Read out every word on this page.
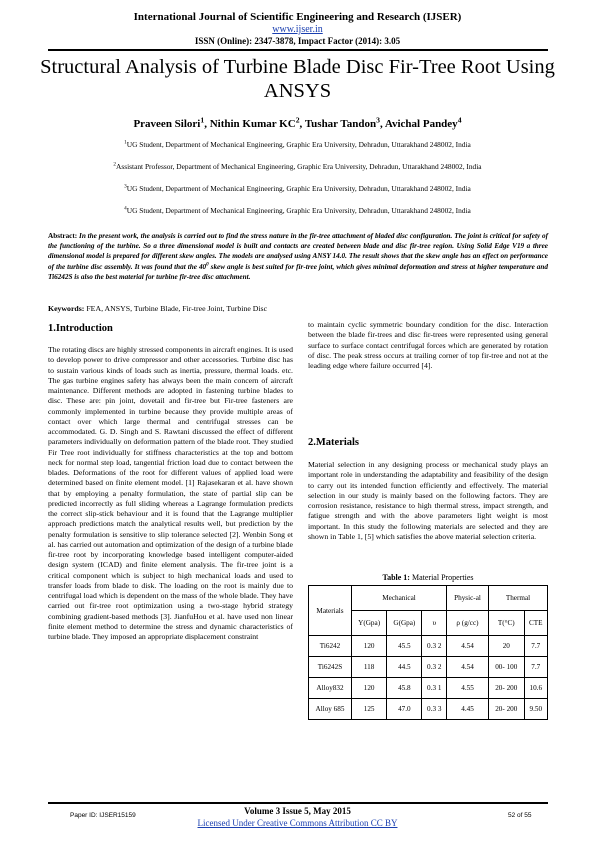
International Journal of Scientific Engineering and Research (IJSER)
www.ijser.in
ISSN (Online): 2347-3878, Impact Factor (2014): 3.05
Structural Analysis of Turbine Blade Disc Fir-Tree Root Using ANSYS
Praveen Silori$^1$, Nithin Kumar $KC^2$, Tushar Tandon$^3$, Avichal Pandey$^4$
$^1$UG Student, Department of Mechanical Engineering, Graphic Era University, Dehradun, Uttarakhand 248002, India
$^2$Assistant Professor, Department of Mechanical Engineering, Graphic Era University, Dehradun, Uttarakhand 248002, India
$^3$UG Student, Department of Mechanical Engineering, Graphic Era University, Dehradun, Uttarakhand 248002, India
$^4$UG Student, Department of Mechanical Engineering, Graphic Era University, Dehradun, Uttarakhand 248002, India
Abstract: In the present work, the analysis is carried out to find the stress nature in the fir-tree attachment of bladed disc configuration. The joint is critical for safety of the functioning of the turbine. So a three dimensional model is built and contacts are created between blade and disc fir-tree region. Using Solid Edge V19 a three dimensional model is prepared for different skew angles. The models are analysed using ANSY 14.0. The result shows that the skew angle has an effect on performance of the turbine disc assembly. It was found that the $40^0$ skew angle is best suited for fir-tree joint, which gives minimal deformation and stress at higher temperature and Ti6242S is also the best material for turbine fir-tree disc attachment.
Keywords: FEA, ANSYS, Turbine Blade, Fir-tree Joint, Turbine Disc
1.Introduction
The rotating discs are highly stressed components in aircraft engines. It is used to develop power to drive compressor and other accessories. Turbine disc has to sustain various kinds of loads such as inertia, pressure, thermal loads. etc. The gas turbine engines safety has always been the main concern of aircraft maintenance. Different methods are adopted in fastening turbine blades to disc. These are: pin joint, dovetail and fir-tree but Fir-tree fasteners are commonly implemented in turbine because they provide multiple areas of contact over which large thermal and centrifugal stresses can be accommodated. G. D. Singh and S. Rawtani discussed the effect of different parameters individually on deformation pattern of the blade root. They studied Fir Tree root individually for stiffness characteristics at the top and bottom neck for normal step load, tangential friction load due to contact between the blades. Deformations of the root for different values of applied load were determined based on finite element model. [1] Rajasekaran et al. have shown that by employing a penalty formulation, the state of partial slip can be predicted incorrectly as full sliding whereas a Lagrange formulation predicts the correct slip-stick behaviour and it is found that the Lagrange multiplier approach predictions match the analytical results well, but prediction by the penalty formulation is sensitive to slip tolerance selected [2]. Wenbin Song et al. has carried out automation and optimization of the design of a turbine blade fir-tree root by incorporating knowledge based intelligent computer-aided design system (ICAD) and finite element analysis. The fir-tree joint is a critical component which is subject to high mechanical loads and used to transfer loads from blade to disk. The loading on the root is mainly due to centrifugal load which is dependent on the mass of the whole blade. They have carried out fir-tree root optimization using a two-stage hybrid strategy combining gradient-based methods [3]. JianfuHou et al. have used non linear finite element method to determine the stress and dynamic characteristics of turbine blade. They imposed an appropriate displacement constraint
to maintain cyclic symmetric boundary condition for the disc. Interaction between the blade fir-trees and disc fir-trees were represented using general surface to surface contact centrifugal forces which are generated by rotation of disc. The peak stress occurs at trailing corner of top fir-tree and not at the leading edge where failure occurred [4].
2.Materials
Material selection in any designing process or mechanical study plays an important role in understanding the adaptability and feasibility of the design to carry out its intended function efficiently and effectively. The material selection in our study is mainly based on the following factors. They are corrosion resistance, resistance to high thermal stress, impact strength, and fatigue strength and with the above parameters light weight is most important. In this study the following materials are selected and they are shown in Table 1, [5] which satisfies the above material selection criteria.
Table 1: Material Properties
Materials	Mechanical			Physic-al	Thermal	
	Y(Gpa)	G(Gpa)	υ	ρ (g/cc)	T(°C)	CTE
Ti6242	120	45.5	0.3 2	4.54	20	7.7
Ti6242S	118	44.5	0.3 2	4.54	00- 100	7.7
Alloy832	120	45.8	0.3 1	4.55	20- 200	10.6
Alloy 685	125	47.0	0.3 3	4.45	20- 200	9.50
Volume 3 Issue 5, May 2015
Licensed Under Creative Commons Attribution CC BY
Paper ID: IJSER15159	52 of 55
